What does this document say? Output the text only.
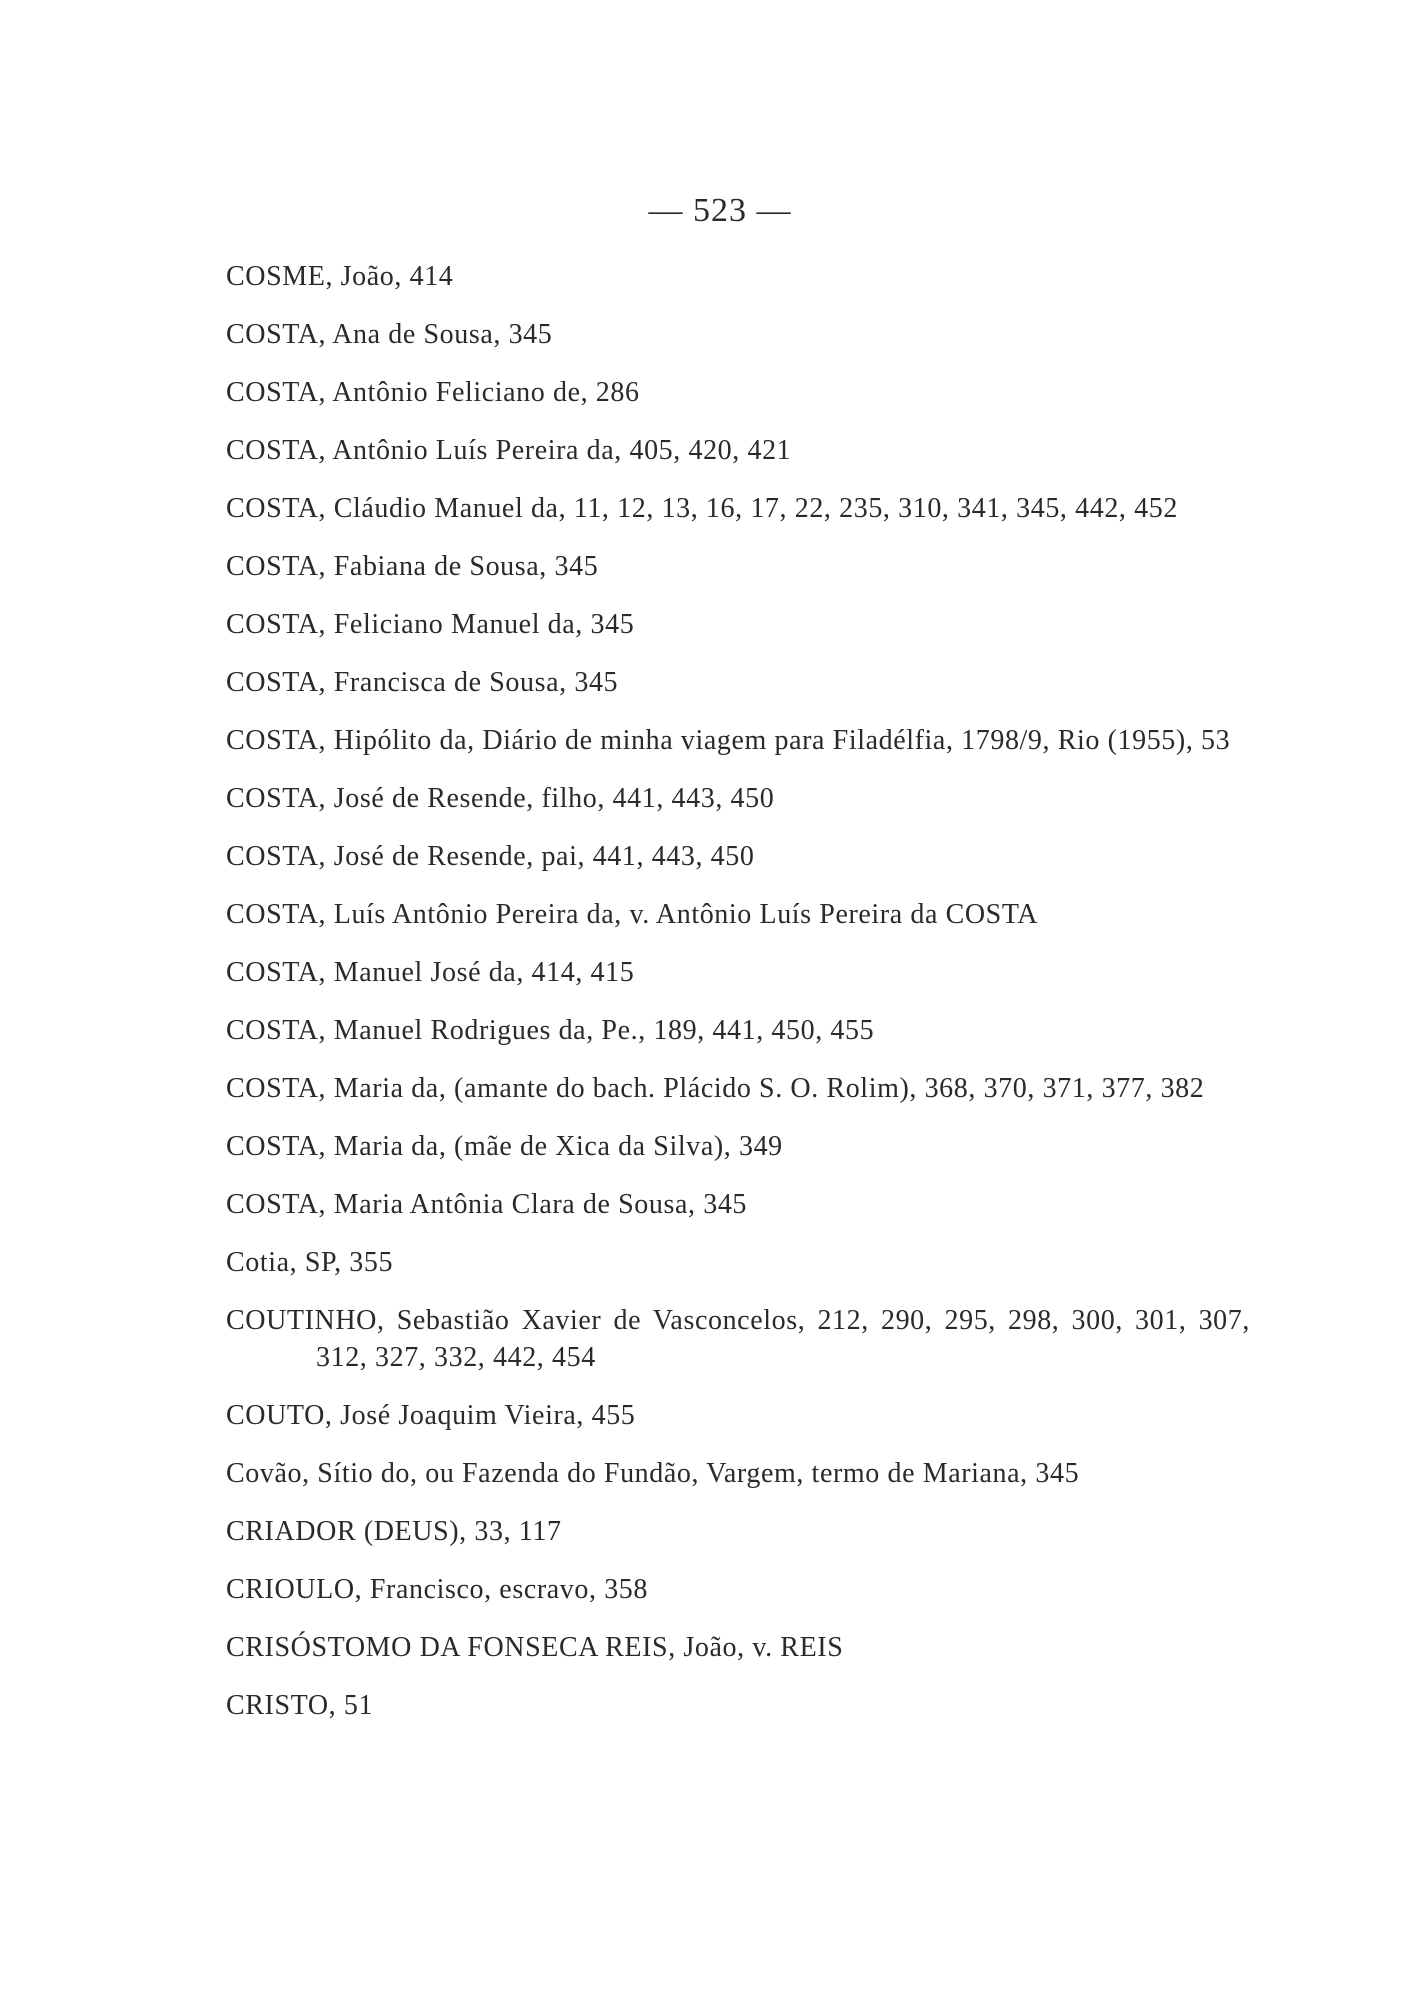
— 523 —
COSME, João, 414
COSTA, Ana de Sousa, 345
COSTA, Antônio Feliciano de, 286
COSTA, Antônio Luís Pereira da, 405, 420, 421
COSTA, Cláudio Manuel da, 11, 12, 13, 16, 17, 22, 235, 310, 341, 345, 442, 452
COSTA, Fabiana de Sousa, 345
COSTA, Feliciano Manuel da, 345
COSTA, Francisca de Sousa, 345
COSTA, Hipólito da, Diário de minha viagem para Filadélfia, 1798/9, Rio (1955), 53
COSTA, José de Resende, filho, 441, 443, 450
COSTA, José de Resende, pai, 441, 443, 450
COSTA, Luís Antônio Pereira da, v. Antônio Luís Pereira da COSTA
COSTA, Manuel José da, 414, 415
COSTA, Manuel Rodrigues da, Pe., 189, 441, 450, 455
COSTA, Maria da, (amante do bach. Plácido S. O. Rolim), 368, 370, 371, 377, 382
COSTA, Maria da, (mãe de Xica da Silva), 349
COSTA, Maria Antônia Clara de Sousa, 345
Cotia, SP, 355
COUTINHO, Sebastião Xavier de Vasconcelos, 212, 290, 295, 298, 300, 301, 307, 312, 327, 332, 442, 454
COUTO, José Joaquim Vieira, 455
Covão, Sítio do, ou Fazenda do Fundão, Vargem, termo de Mariana, 345
CRIADOR (DEUS), 33, 117
CRIOULO, Francisco, escravo, 358
CRISÓSTOMO DA FONSECA REIS, João, v. REIS
CRISTO, 51
